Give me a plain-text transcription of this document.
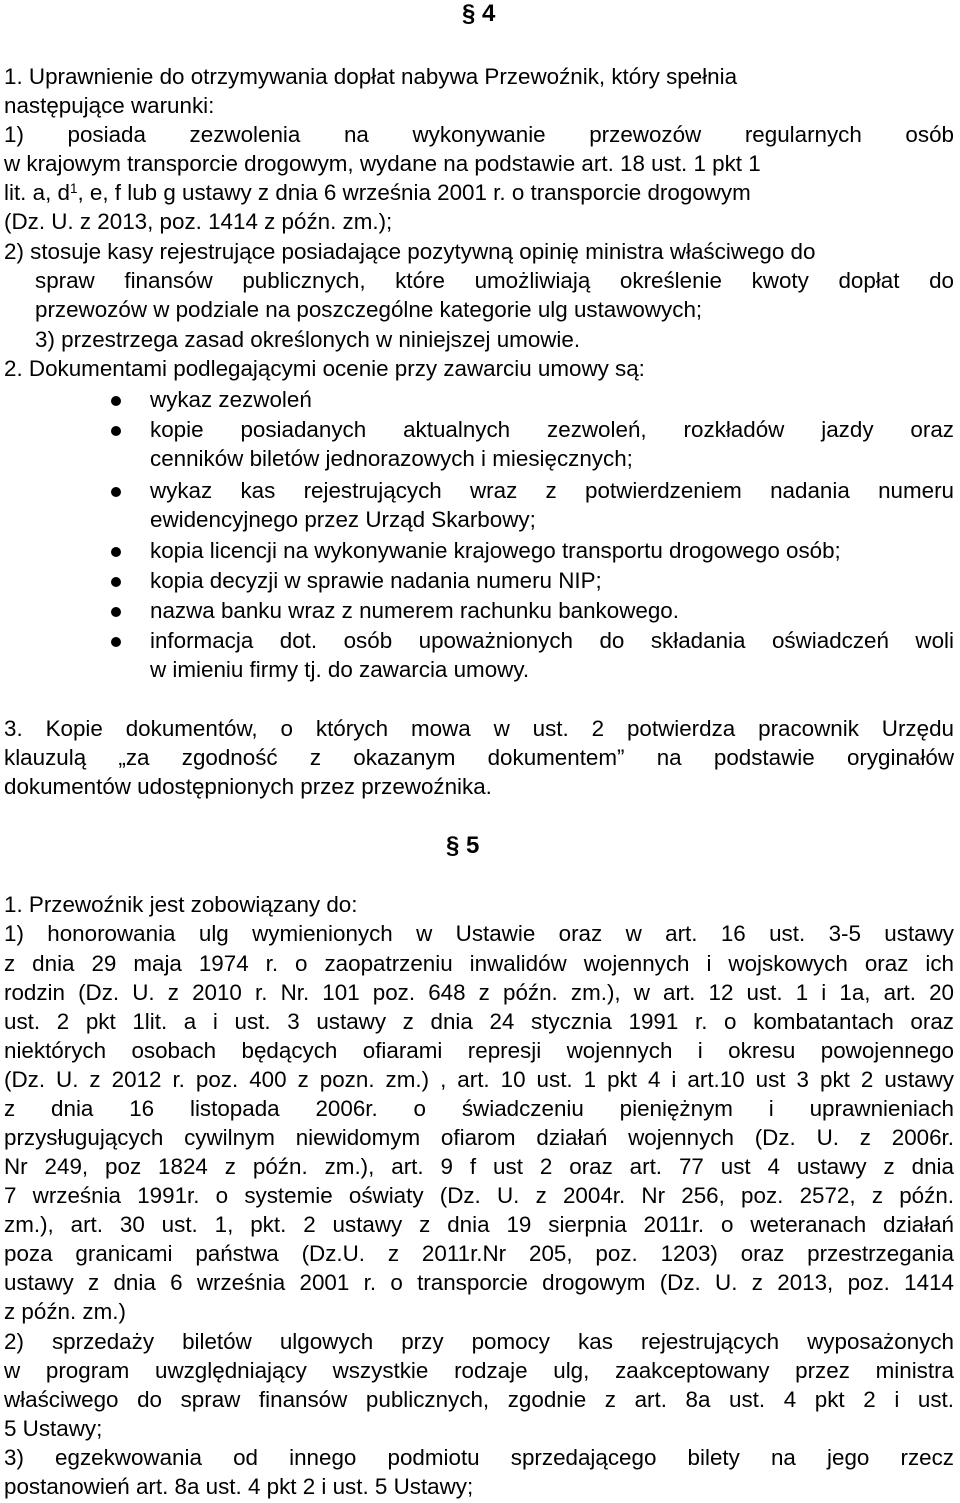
§ 4
1. Uprawnienie do otrzymywania dopłat nabywa Przewoźnik, który spełnia
następujące warunki:
1) posiada zezwolenia na wykonywanie przewozów regularnych osób
w krajowym transporcie drogowym, wydane na podstawie art. 18 ust. 1 pkt 1
lit. a, $d^1$, e, f lub g ustawy z dnia 6 września 2001 r. o transporcie drogowym
(Dz. U. z 2013, poz. 1414 z późn. zm.);
2) stosuje kasy rejestrujące posiadające pozytywną opinię ministra właściwego do
spraw finansów publicznych, które umożliwiają określenie kwoty dopłat do
przewozów w podziale na poszczególne kategorie ulg ustawowych;
3) przestrzega zasad określonych w niniejszej umowie.
2. Dokumentami podlegającymi ocenie przy zawarciu umowy są:
wykaz zezwoleń
kopie posiadanych aktualnych zezwoleń, rozkładów jazdy oraz
cenników biletów jednorazowych i miesięcznych;
wykaz kas rejestrujących wraz z potwierdzeniem nadania numeru
ewidencyjnego przez Urząd Skarbowy;
kopia licencji na wykonywanie krajowego transportu drogowego osób;
kopia decyzji w sprawie nadania numeru NIP;
nazwa banku wraz z numerem rachunku bankowego.
informacja dot. osób upoważnionych do składania oświadczeń woli
w imieniu firmy tj. do zawarcia umowy.
3. Kopie dokumentów, o których mowa w ust. 2 potwierdza pracownik Urzędu
klauzulą „za zgodność z okazanym dokumentem” na podstawie oryginałów
dokumentów udostępnionych przez przewoźnika.
§ 5
1. Przewoźnik jest zobowiązany do:
1) honorowania ulg wymienionych w Ustawie oraz w art. 16 ust. 3-5 ustawy
z dnia 29 maja 1974 r. o zaopatrzeniu inwalidów wojennych i wojskowych oraz ich
rodzin (Dz. U. z 2010 r. Nr. 101 poz. 648 z późn. zm.), w art. 12 ust. 1 i 1a, art. 20
ust. 2 pkt 1lit. a i ust. 3 ustawy z dnia 24 stycznia 1991 r. o kombatantach oraz
niektórych osobach będących ofiarami represji wojennych i okresu powojennego
(Dz. U. z 2012 r. poz. 400 z pozn. zm.) , art. 10 ust. 1 pkt 4 i art.10 ust 3 pkt 2 ustawy
z dnia 16 listopada 2006r. o świadczeniu pieniężnym i uprawnieniach
przysługujących cywilnym niewidomym ofiarom działań wojennych (Dz. U. z 2006r.
Nr 249, poz 1824 z późn. zm.), art. 9 f ust 2 oraz art. 77 ust 4 ustawy z dnia
7 września 1991r. o systemie oświaty (Dz. U. z 2004r. Nr 256, poz. 2572, z późn.
zm.), art. 30 ust. 1, pkt. 2 ustawy z dnia 19 sierpnia 2011r. o weteranach działań
poza granicami państwa (Dz.U. z 2011r.Nr 205, poz. 1203) oraz przestrzegania
ustawy z dnia 6 września 2001 r. o transporcie drogowym (Dz. U. z 2013, poz. 1414
z późn. zm.)
2) sprzedaży biletów ulgowych przy pomocy kas rejestrujących wyposażonych
w program uwzględniający wszystkie rodzaje ulg, zaakceptowany przez ministra
właściwego do spraw finansów publicznych, zgodnie z art. 8a ust. 4 pkt 2 i ust.
5 Ustawy;
3) egzekwowania od innego podmiotu sprzedającego bilety na jego rzecz
postanowień art. 8a ust. 4 pkt 2 i ust. 5 Ustawy;
